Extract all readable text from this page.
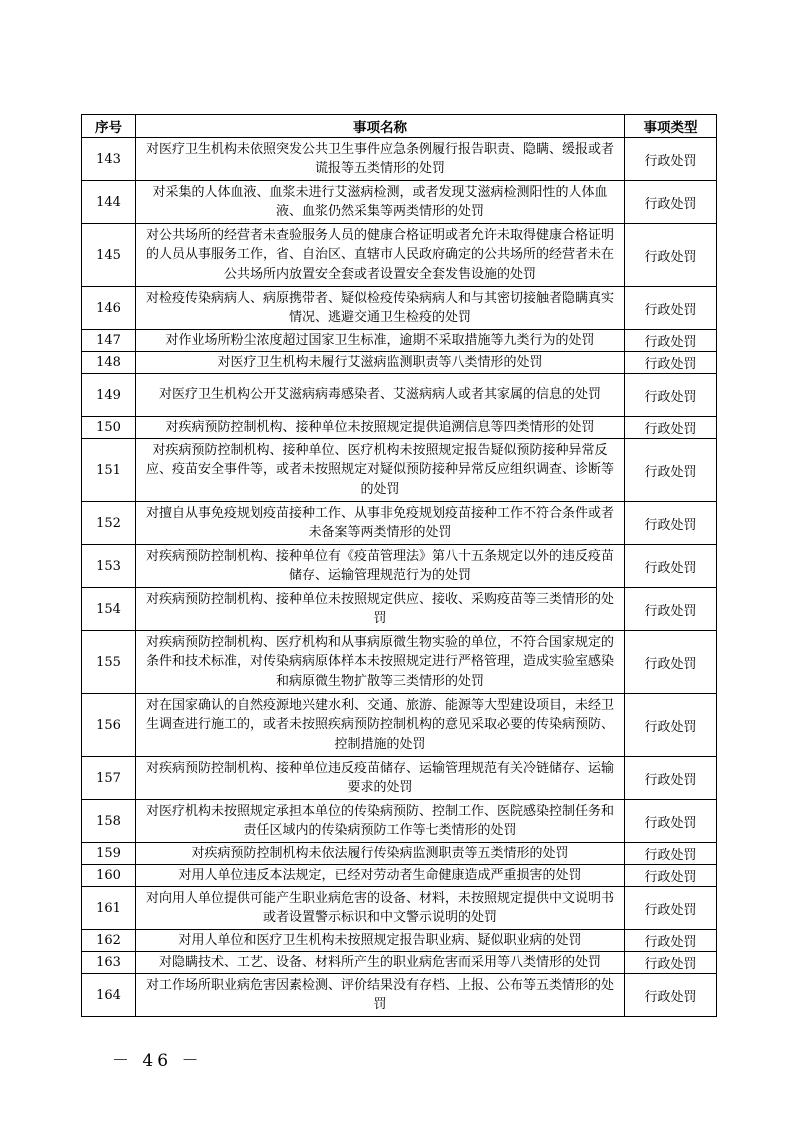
序号	事项名称	事项类型
143	对医疗卫生机构未依照突发公共卫生事件应急条例履行报告职责、隐瞒、缓报或者谎报等五类情形的处罚	行政处罚
144	对采集的人体血液、血浆未进行艾滋病检测，或者发现艾滋病检测阳性的人体血液、血浆仍然采集等两类情形的处罚	行政处罚
145	对公共场所的经营者未查验服务人员的健康合格证明或者允许未取得健康合格证明的人员从事服务工作，省、自治区、直辖市人民政府确定的公共场所的经营者未在公共场所内放置安全套或者设置安全套发售设施的处罚	行政处罚
146	对检疫传染病病人、病原携带者、疑似检疫传染病病人和与其密切接触者隐瞒真实情况、逃避交通卫生检疫的处罚	行政处罚
147	对作业场所粉尘浓度超过国家卫生标准，逾期不采取措施等九类行为的处罚	行政处罚
148	对医疗卫生机构未履行艾滋病监测职责等八类情形的处罚	行政处罚
149	对医疗卫生机构公开艾滋病病毒感染者、艾滋病病人或者其家属的信息的处罚	行政处罚
150	对疾病预防控制机构、接种单位未按照规定提供追溯信息等四类情形的处罚	行政处罚
151	对疾病预防控制机构、接种单位、医疗机构未按照规定报告疑似预防接种异常反应、疫苗安全事件等，或者未按照规定对疑似预防接种异常反应组织调查、诊断等的处罚	行政处罚
152	对擅自从事免疫规划疫苗接种工作、从事非免疫规划疫苗接种工作不符合条件或者未备案等两类情形的处罚	行政处罚
153	对疾病预防控制机构、接种单位有《疫苗管理法》第八十五条规定以外的违反疫苗储存、运输管理规范行为的处罚	行政处罚
154	对疾病预防控制机构、接种单位未按照规定供应、接收、采购疫苗等三类情形的处罚	行政处罚
155	对疾病预防控制机构、医疗机构和从事病原微生物实验的单位，不符合国家规定的条件和技术标准，对传染病病原体样本未按照规定进行严格管理，造成实验室感染和病原微生物扩散等三类情形的处罚	行政处罚
156	对在国家确认的自然疫源地兴建水利、交通、旅游、能源等大型建设项目，未经卫生调查进行施工的，或者未按照疾病预防控制机构的意见采取必要的传染病预防、控制措施的处罚	行政处罚
157	对疾病预防控制机构、接种单位违反疫苗储存、运输管理规范有关冷链储存、运输要求的处罚	行政处罚
158	对医疗机构未按照规定承担本单位的传染病预防、控制工作、医院感染控制任务和责任区域内的传染病预防工作等七类情形的处罚	行政处罚
159	对疾病预防控制机构未依法履行传染病监测职责等五类情形的处罚	行政处罚
160	对用人单位违反本法规定，已经对劳动者生命健康造成严重损害的处罚	行政处罚
161	对向用人单位提供可能产生职业病危害的设备、材料，未按照规定提供中文说明书或者设置警示标识和中文警示说明的处罚	行政处罚
162	对用人单位和医疗卫生机构未按照规定报告职业病、疑似职业病的处罚	行政处罚
163	对隐瞒技术、工艺、设备、材料所产生的职业病危害而采用等八类情形的处罚	行政处罚
164	对工作场所职业病危害因素检测、评价结果没有存档、上报、公布等五类情形的处罚	行政处罚
－ 46 －
